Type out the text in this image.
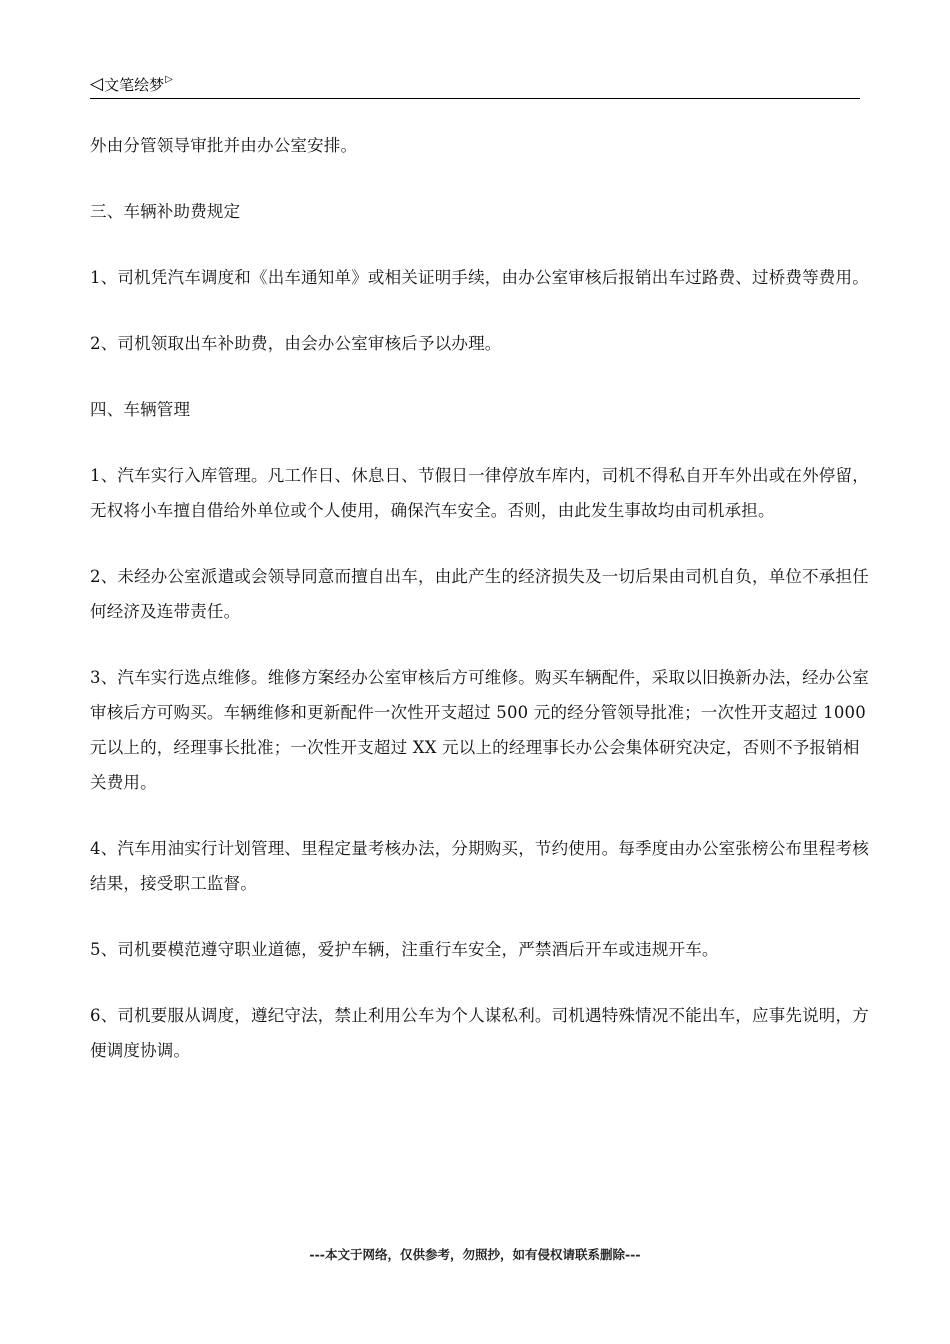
◁ 文笔绘梦 ▷

外由分管领导审批并由办公室安排。

三、车辆补助费规定

1、司机凭汽车调度和《出车通知单》或相关证明手续，由办公室审核后报销出车过路费、过桥费等费用。

2、司机领取出车补助费，由会办公室审核后予以办理。

四、车辆管理

1、汽车实行入库管理。凡工作日、休息日、节假日一律停放车库内，司机不得私自开车外出或在外停留，无权将小车擅自借给外单位或个人使用，确保汽车安全。否则，由此发生事故均由司机承担。

2、未经办公室派遣或会领导同意而擅自出车，由此产生的经济损失及一切后果由司机自负，单位不承担任何经济及连带责任。

3、汽车实行选点维修。维修方案经办公室审核后方可维修。购买车辆配件，采取以旧换新办法，经办公室审核后方可购买。车辆维修和更新配件一次性开支超过 500 元的经分管领导批准；一次性开支超过 1000 元以上的，经理事长批准；一次性开支超过 XX 元以上的经理事长办公会集体研究决定，否则不予报销相关费用。

4、汽车用油实行计划管理、里程定量考核办法，分期购买，节约使用。每季度由办公室张榜公布里程考核结果，接受职工监督。

5、司机要模范遵守职业道德，爱护车辆，注重行车安全，严禁酒后开车或违规开车。

6、司机要服从调度，遵纪守法，禁止利用公车为个人谋私利。司机遇特殊情况不能出车，应事先说明，方便调度协调。

---本文于网络，仅供参考，勿照抄，如有侵权请联系删除---
